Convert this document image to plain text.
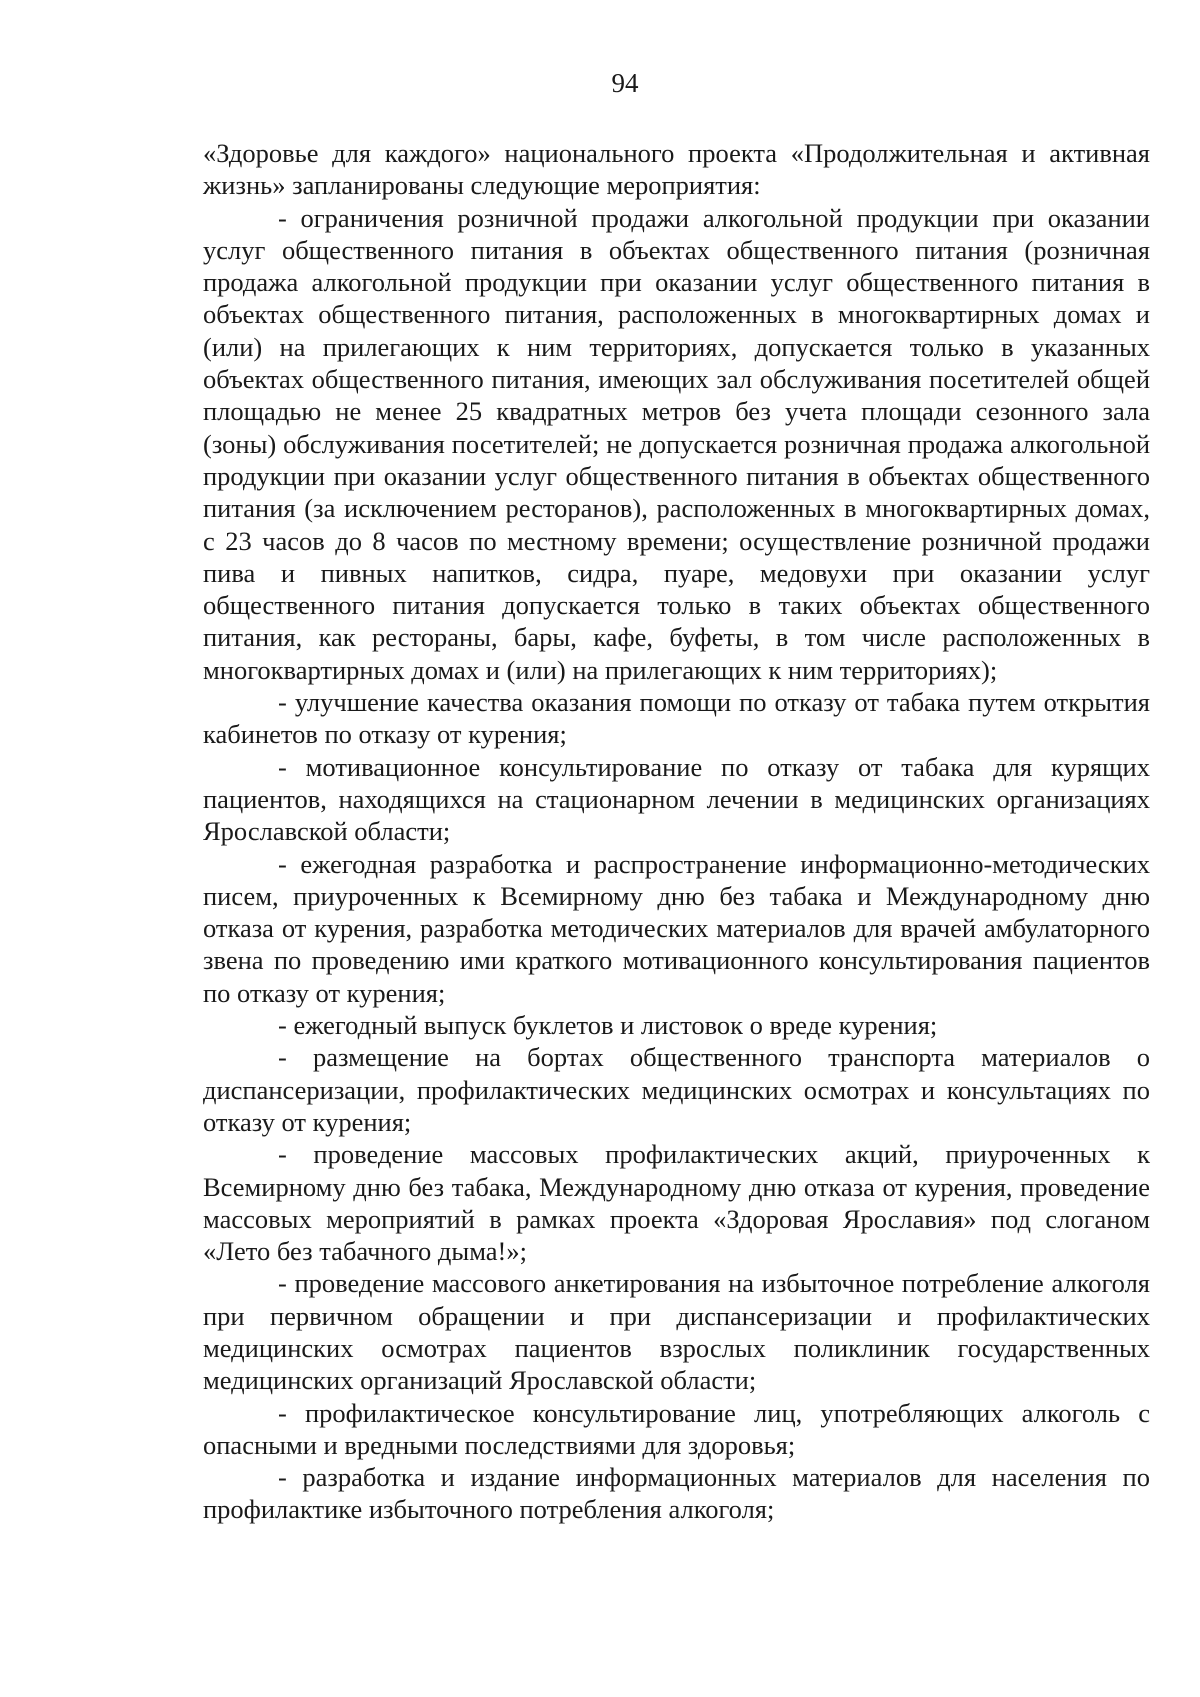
94

«Здоровье для каждого» национального проекта «Продолжительная и активная жизнь» запланированы следующие мероприятия:

- ограничения розничной продажи алкогольной продукции при оказании услуг общественного питания в объектах общественного питания (розничная продажа алкогольной продукции при оказании услуг общественного питания в объектах общественного питания, расположенных в многоквартирных домах и (или) на прилегающих к ним территориях, допускается только в указанных объектах общественного питания, имеющих зал обслуживания посетителей общей площадью не менее 25 квадратных метров без учета площади сезонного зала (зоны) обслуживания посетителей; не допускается розничная продажа алкогольной продукции при оказании услуг общественного питания в объектах общественного питания (за исключением ресторанов), расположенных в многоквартирных домах, с 23 часов до 8 часов по местному времени; осуществление розничной продажи пива и пивных напитков, сидра, пуаре, медовухи при оказании услуг общественного питания допускается только в таких объектах общественного питания, как рестораны, бары, кафе, буфеты, в том числе расположенных в многоквартирных домах и (или) на прилегающих к ним территориях);

- улучшение качества оказания помощи по отказу от табака путем открытия кабинетов по отказу от курения;

- мотивационное консультирование по отказу от табака для курящих пациентов, находящихся на стационарном лечении в медицинских организациях Ярославской области;

- ежегодная разработка и распространение информационно-методических писем, приуроченных к Всемирному дню без табака и Международному дню отказа от курения, разработка методических материалов для врачей амбулаторного звена по проведению ими краткого мотивационного консультирования пациентов по отказу от курения;

- ежегодный выпуск буклетов и листовок о вреде курения;

- размещение на бортах общественного транспорта материалов о диспансеризации, профилактических медицинских осмотрах и консультациях по отказу от курения;

- проведение массовых профилактических акций, приуроченных к Всемирному дню без табака, Международному дню отказа от курения, проведение массовых мероприятий в рамках проекта «Здоровая Ярославия» под слоганом «Лето без табачного дыма!»;

- проведение массового анкетирования на избыточное потребление алкоголя при первичном обращении и при диспансеризации и профилактических медицинских осмотрах пациентов взрослых поликлиник государственных медицинских организаций Ярославской области;

- профилактическое консультирование лиц, употребляющих алкоголь с опасными и вредными последствиями для здоровья;

- разработка и издание информационных материалов для населения по профилактике избыточного потребления алкоголя;
